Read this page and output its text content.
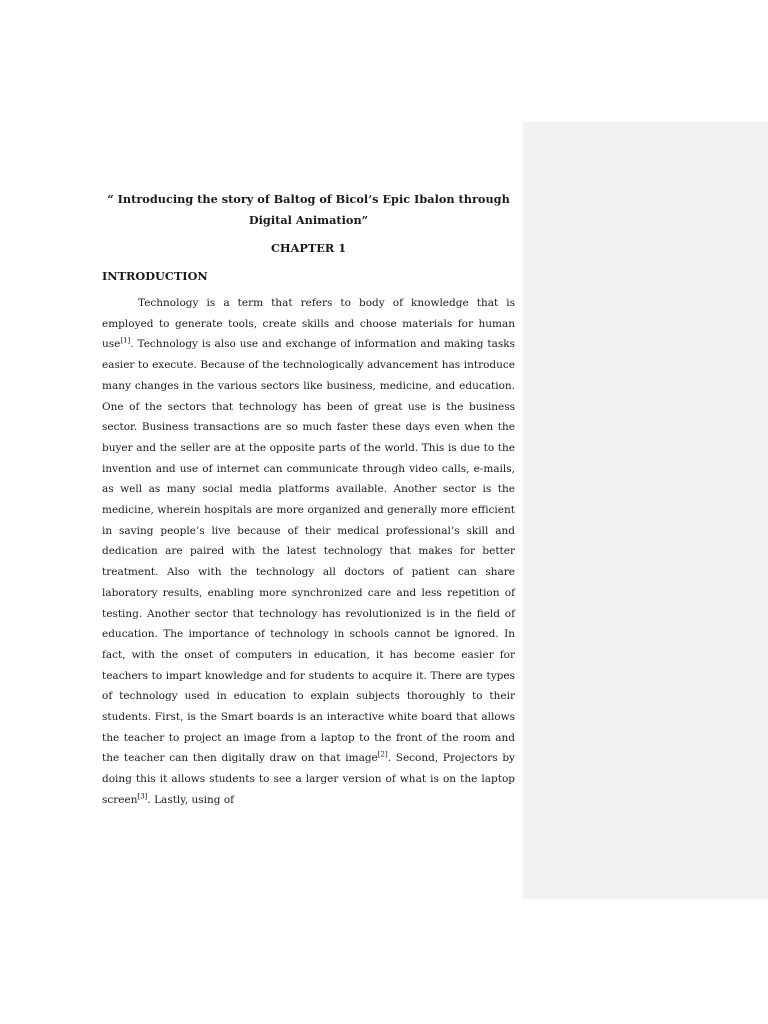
“ Introducing the story of Baltog of Bicol’s Epic Ibalon through Digital Animation”

CHAPTER 1

INTRODUCTION

Technology is a term that refers to body of knowledge that is employed to generate tools, create skills and choose materials for human use[1]. Technology is also use and exchange of information and making tasks easier to execute. Because of the technologically advancement has introduce many changes in the various sectors like business, medicine, and education. One of the sectors that technology has been of great use is the business sector. Business transactions are so much faster these days even when the buyer and the seller are at the opposite parts of the world. This is due to the invention and use of internet can communicate through video calls, e-mails, as well as many social media platforms available. Another sector is the medicine, wherein hospitals are more organized and generally more efficient in saving people’s live because of their medical professional’s skill and dedication are paired with the latest technology that makes for better treatment. Also with the technology all doctors of patient can share laboratory results, enabling more synchronized care and less repetition of testing. Another sector that technology has revolutionized is in the field of education. The importance of technology in schools cannot be ignored. In fact, with the onset of computers in education, it has become easier for teachers to impart knowledge and for students to acquire it. There are types of technology used in education to explain subjects thoroughly to their students. First, is the Smart boards is an interactive white board that allows the teacher to project an image from a laptop to the front of the room and the teacher can then digitally draw on that image[2]. Second, Projectors by doing this it allows students to see a larger version of what is on the laptop screen[3]. Lastly, using of
